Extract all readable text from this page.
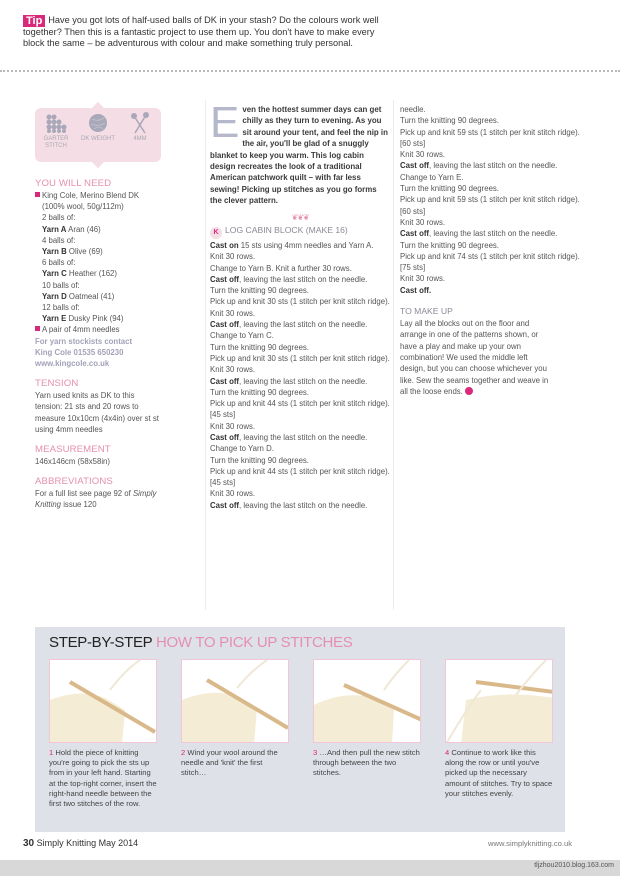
Tip Have you got lots of half-used balls of DK in your stash? Do the colours work well together? Then this is a fantastic project to use them up. You don't have to make every block the same – be adventurous with colour and make something truly personal.
GARTER STITCH
DK WEIGHT	4MM
YOU WILL NEED
King Cole, Merino Blend DK
(100% wool, 50g/112m)
2 balls of:
Yarn A Aran (46)
4 balls of:
Yarn B Olive (69)
6 balls of:
Yarn C Heather (162)
10 balls of:
Yarn D Oatmeal (41)
12 balls of:
Yarn E Dusky Pink (94)
A pair of 4mm needles
For yarn stockists contact
King Cole 01535 650230
www.kingcole.co.uk
TENSION
Yarn used knits as DK to this tension: 21 sts and 20 rows to measure 10x10cm (4x4in) over st st using 4mm needles
MEASUREMENT
146x146cm (58x58in)
ABBREVIATIONS
For a full list see page 92 of Simply Knitting issue 120
Even the hottest summer days can get chilly as they turn to evening. As you sit around your tent, and feel the nip in the air, you'll be glad of a snuggly blanket to keep you warm. This log cabin design recreates the look of a traditional American patchwork quilt – with far less sewing! Picking up stitches as you go forms the clever pattern.
❦❦❦
K LOG CABIN BLOCK (MAKE 16)
Cast on 15 sts using 4mm needles and Yarn A.
Knit 30 rows.
Change to Yarn B. Knit a further 30 rows.
Cast off, leaving the last stitch on the needle.
Turn the knitting 90 degrees.
Pick up and knit 30 sts (1 stitch per knit stitch ridge).
Knit 30 rows.
Cast off, leaving the last stitch on the needle.
Change to Yarn C.
Turn the knitting 90 degrees.
Pick up and knit 30 sts (1 stitch per knit stitch ridge).
Knit 30 rows.
Cast off, leaving the last stitch on the needle.
Turn the knitting 90 degrees.
Pick up and knit 44 sts (1 stitch per knit stitch ridge). [45 sts]
Knit 30 rows.
Cast off, leaving the last stitch on the needle.
Change to Yarn D.
Turn the knitting 90 degrees.
Pick up and knit 44 sts (1 stitch per knit stitch ridge). [45 sts]
Knit 30 rows.
Cast off, leaving the last stitch on the needle.
needle.
Turn the knitting 90 degrees.
Pick up and knit 59 sts (1 stitch per knit stitch ridge). [60 sts]
Knit 30 rows.
Cast off, leaving the last stitch on the needle.
Change to Yarn E.
Turn the knitting 90 degrees.
Pick up and knit 59 sts (1 stitch per knit stitch ridge). [60 sts]
Knit 30 rows.
Cast off, leaving the last stitch on the needle.
Turn the knitting 90 degrees.
Pick up and knit 74 sts (1 stitch per knit stitch ridge). [75 sts]
Knit 30 rows.
Cast off.
TO MAKE UP
Lay all the blocks out on the floor and arrange in one of the patterns shown, or have a play and make up your own combination! We used the middle left design, but you can choose whichever you like. Sew the seams together and weave in all the loose ends.
STEP-BY-STEP HOW TO PICK UP STITCHES
1 Hold the piece of knitting you're going to pick the sts up from in your left hand. Starting at the top-right corner, insert the right-hand needle between the first two stitches of the row.
2 Wind your wool around the needle and 'knit' the first stitch…
3 …And then pull the new stitch through between the two stitches.
4 Continue to work like this along the row or until you've picked up the necessary amount of stitches. Try to space your stitches evenly.
30 Simply Knitting May 2014	www.simplyknitting.co.uk
tljzhou2010.blog.163.com
